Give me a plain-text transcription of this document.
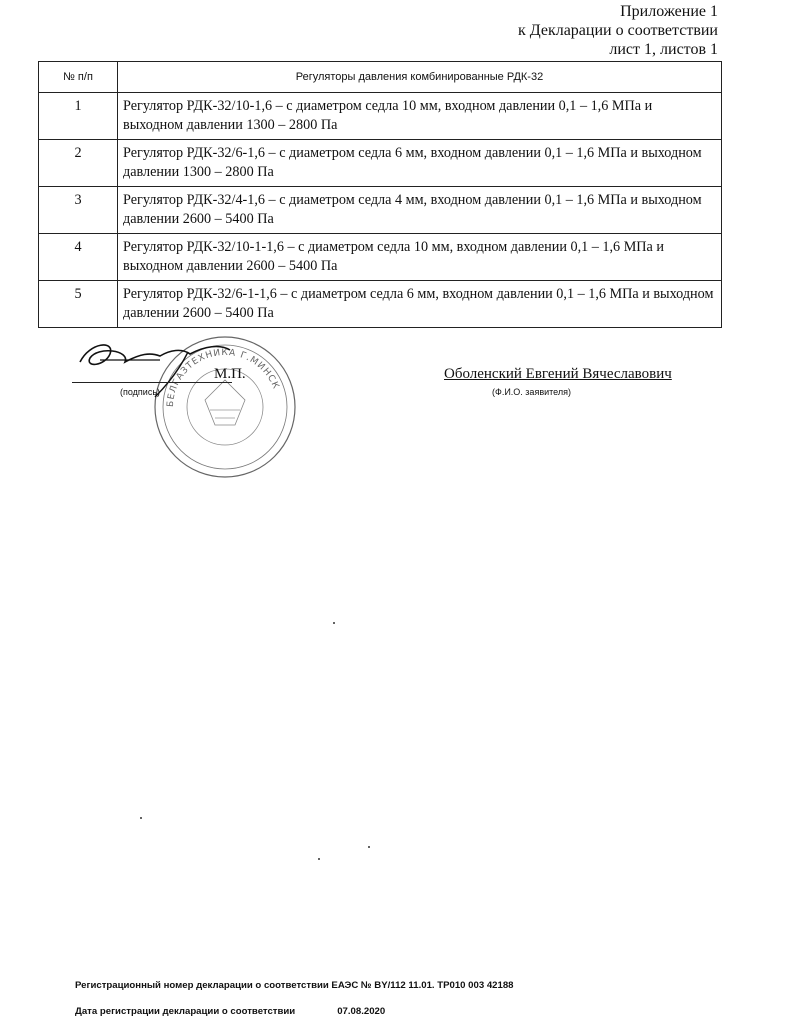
Приложение 1
к Декларации о соответствии
лист 1, листов 1
№ п/п	Регуляторы давления комбинированные РДК-32
1	Регулятор РДК-32/10-1,6 – с диаметром седла 10 мм, входном давлении 0,1 – 1,6 МПа и выходном давлении 1300 – 2800 Па
2	Регулятор РДК-32/6-1,6 – с диаметром седла 6 мм, входном давлении 0,1 – 1,6 МПа и выходном давлении 1300 – 2800 Па
3	Регулятор РДК-32/4-1,6 – с диаметром седла 4 мм, входном давлении 0,1 – 1,6 МПа и выходном давлении 2600 – 5400 Па
4	Регулятор РДК-32/10-1-1,6 – с диаметром седла 10 мм, входном давлении 0,1 – 1,6 МПа и выходном давлении 2600 – 5400 Па
5	Регулятор РДК-32/6-1-1,6 – с диаметром седла 6 мм, входном давлении 0,1 – 1,6 МПа и выходном давлении 2600 – 5400 Па
БЕЛГАЗТЕХНИКА Г.МИНСК
М.П.
(подпись)
Оболенский Евгений Вячеславович
(Ф.И.О. заявителя)
Регистрационный номер декларации о соответствии ЕАЭС № BY/112 11.01. ТР010 003 42188
Дата регистрации декларации о соответствии	07.08.2020
